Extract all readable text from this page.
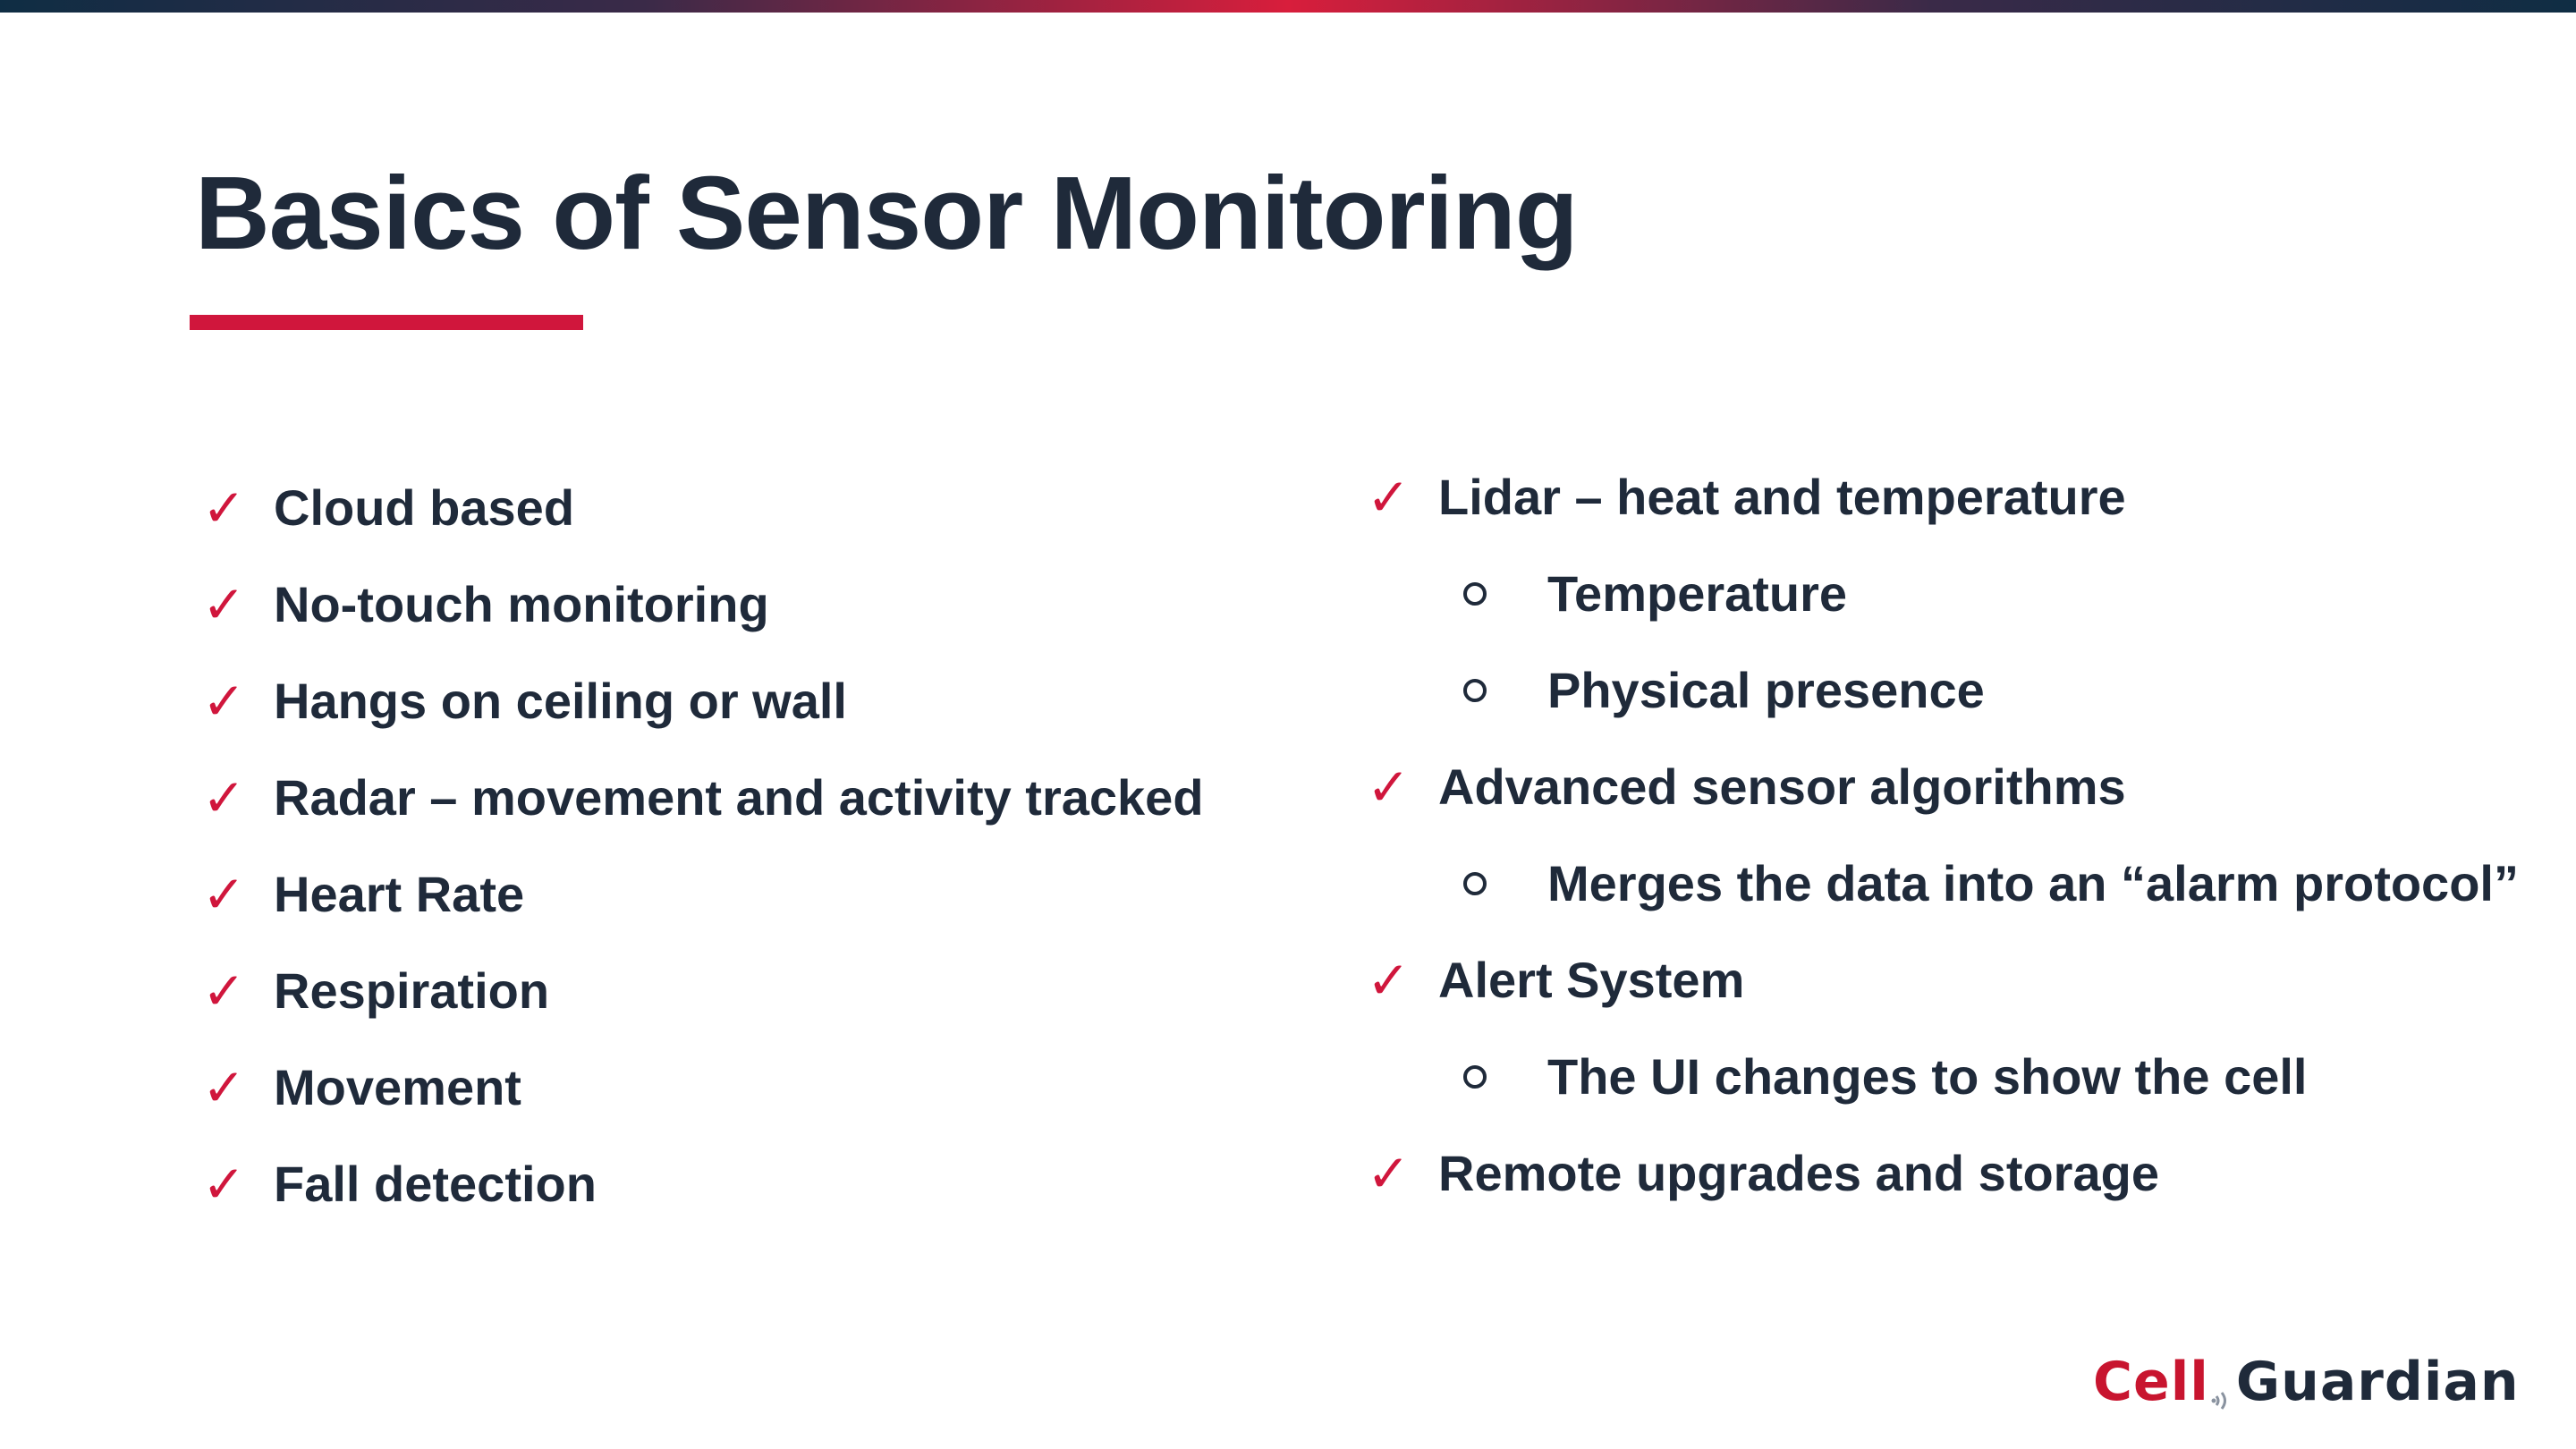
Basics of Sensor Monitoring
✓ Cloud based
✓ No-touch monitoring
✓ Hangs on ceiling or wall
✓ Radar – movement and activity tracked
✓ Heart Rate
✓ Respiration
✓ Movement
✓ Fall detection
✓ Lidar – heat and temperature
Temperature
Physical presence
✓ Advanced sensor algorithms
Merges the data into an “alarm protocol”
✓ Alert System
The UI changes to show the cell
✓ Remote upgrades and storage
Cell Guardian
